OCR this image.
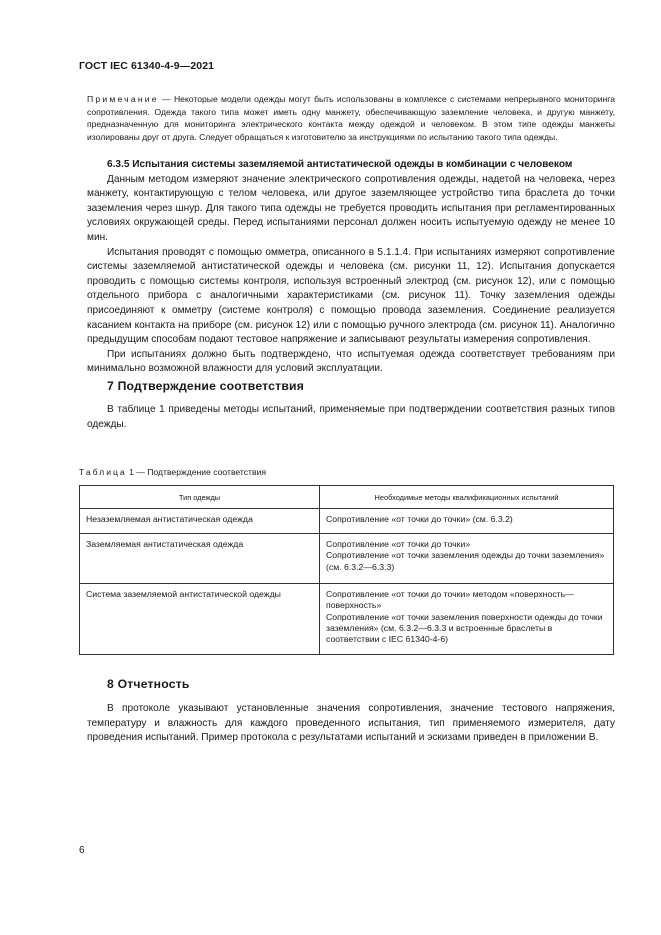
ГОСТ IEC 61340-4-9—2021
Примечание — Некоторые модели одежды могут быть использованы в комплексе с системами непрерывного мониторинга сопротивления. Одежда такого типа может иметь одну манжету, обеспечивающую заземление человека, и другую манжету, предназначенную для мониторинга электрического контакта между одеждой и человеком. В этом типе одежды манжеты изолированы друг от друга. Следует обращаться к изготовителю за инструкциями по испытанию такого типа одежды.

6.3.5 Испытания системы заземляемой антистатической одежды в комбинации с человеком

Данным методом измеряют значение электрического сопротивления одежды, надетой на человека, через манжету, контактирующую с телом человека, или другое заземляющее устройство типа браслета до точки заземления через шнур. Для такого типа одежды не требуется проводить испытания при регламентированных условиях окружающей среды. Перед испытаниями персонал должен носить испытуемую одежду не менее 10 мин.

Испытания проводят с помощью омметра, описанного в 5.1.1.4. При испытаниях измеряют сопротивление системы заземляемой антистатической одежды и человека (см. рисунки 11, 12). Испытания допускается проводить с помощью системы контроля, используя встроенный электрод (см. рисунок 12), или с помощью отдельного прибора с аналогичными характеристиками (см. рисунок 11). Точку заземления одежды присоединяют к омметру (системе контроля) с помощью провода заземления. Соединение реализуется касанием контакта на приборе (см. рисунок 12) или с помощью ручного электрода (см. рисунок 11). Аналогично предыдущим способам подают тестовое напряжение и записывают результаты измерения сопротивления.

При испытаниях должно быть подтверждено, что испытуемая одежда соответствует требованиям при минимально возможной влажности для условий эксплуатации.

7 Подтверждение соответствия

В таблице 1 приведены методы испытаний, применяемые при подтверждении соответствия разных типов одежды.

Таблица 1 — Подтверждение соответствия
Тип одежды	Необходимые методы квалификационных испытаний
Незаземляемая антистатическая одежда	Сопротивление «от точки до точки» (см. 6.3.2)
Заземляемая антистатическая одежда	Сопротивление «от точки до точки»
Сопротивление «от точки заземления одежды до точки заземления» (см. 6.3.2—6.3.3)
Система заземляемой антистатической одежды	Сопротивление «от точки до точки» методом «поверхность—поверхность»
Сопротивление «от точки заземления поверхности одежды до точки заземления» (см. 6.3.2—6.3.3 и встроенные браслеты в соответствии с IEC 61340-4-6)
8 Отчетность

В протоколе указывают установленные значения сопротивления, значение тестового напряжения, температуру и влажность для каждого проведенного испытания, тип применяемого измерителя, дату проведения испытаний. Пример протокола с результатами испытаний и эскизами приведен в приложении В.

6
